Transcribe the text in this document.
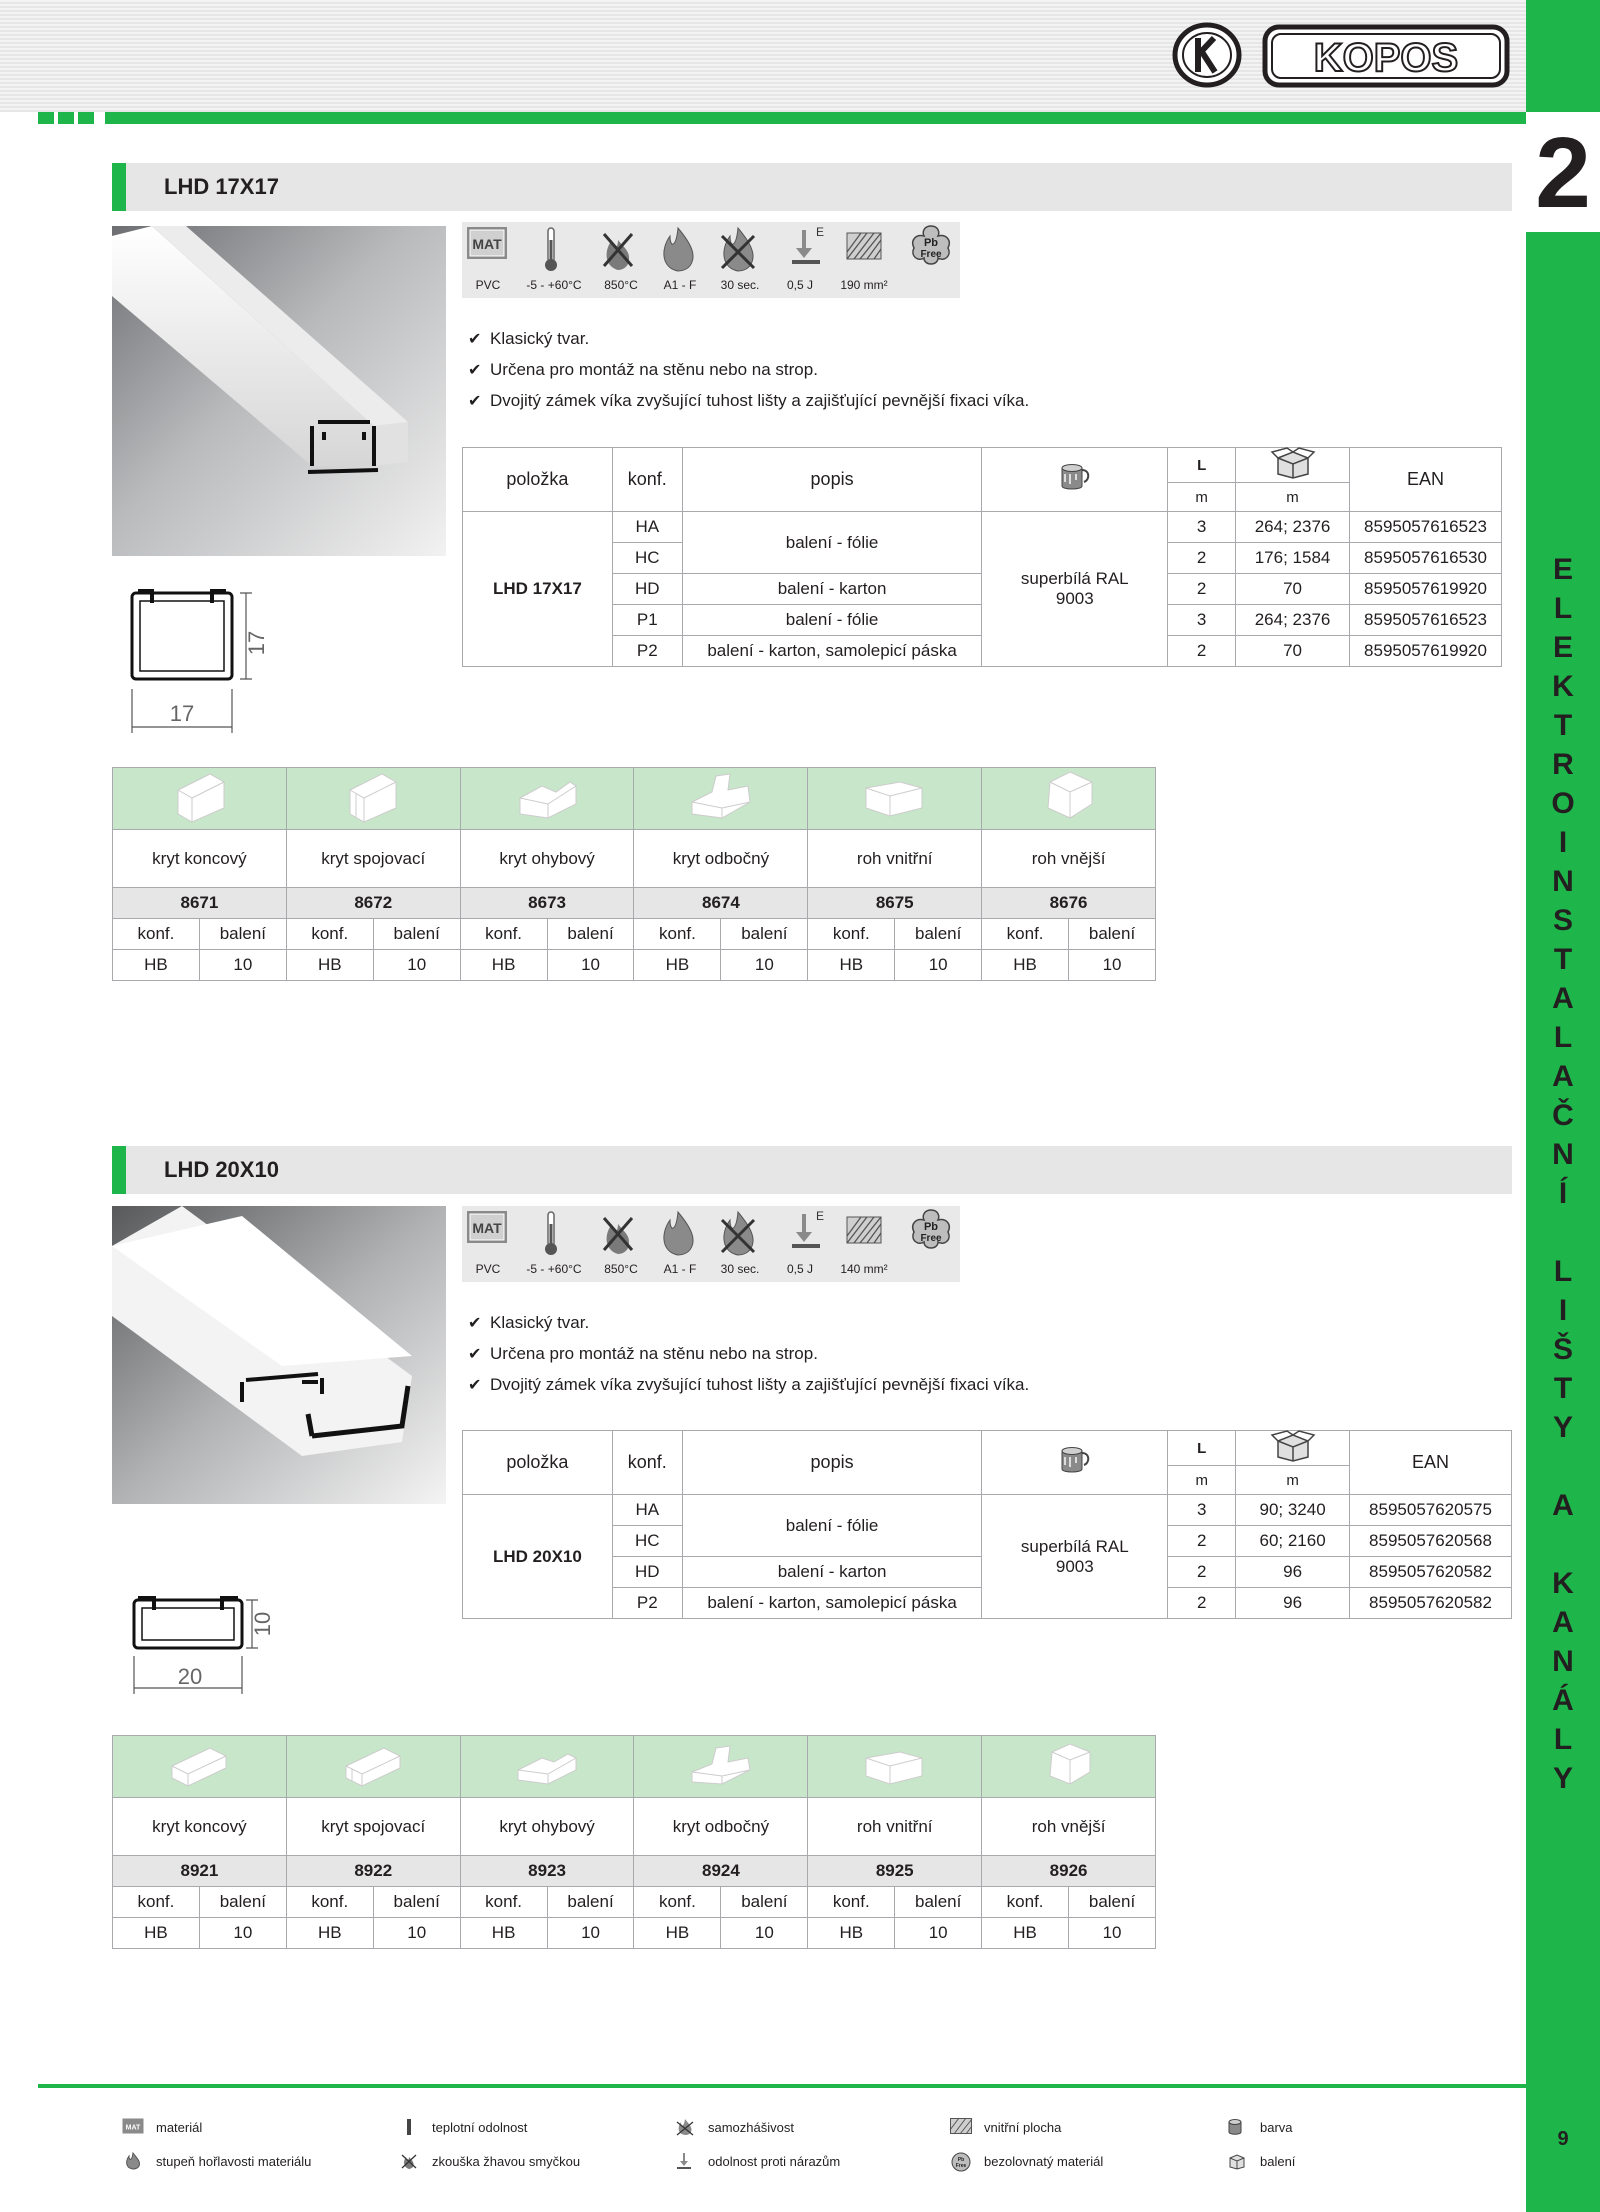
KOPOS
2
E
L
E
K
T
R
O
I
N
S
T
A
L
A
Č
N
Í
L
I
Š
T
Y
A
K
A
N
Á
L
Y
9
LHD 17X17
17
17
MAT
E
Pb
Free
PVC -5 - +60°C 850°C A1 - F 30 sec. 0,5 J 190 mm²
✔ Klasický tvar.
✔ Určena pro montáž na stěnu nebo na strop.
✔ Dvojitý zámek víka zvyšující tuhost lišty a zajišťující pevnější fixaci víka.
položka	konf.	popis		L		EAN
				m	m	
LHD 17X17	HA	balení - fólie	superbílá RAL 9003	3	264; 2376	8595057616523
	HC			2	176; 1584	8595057616530
	HD	balení - karton		2	70	8595057619920
	P1	balení - fólie		3	264; 2376	8595057616523
	P2	balení - karton, samolepicí páska		2	70	8595057619920

kryt koncový		kryt spojovací		kryt ohybový		kryt odbočný		roh vnitřní		roh vnější	
8671		8672		8673		8674		8675		8676	
konf.	balení	konf.	balení	konf.	balení	konf.	balení	konf.	balení	konf.	balení
HB	10	HB	10	HB	10	HB	10	HB	10	HB	10
LHD 20X10
10
20
MAT
E
Pb
Free
PVC -5 - +60°C 850°C A1 - F 30 sec. 0,5 J 140 mm²
✔ Klasický tvar.
✔ Určena pro montáž na stěnu nebo na strop.
✔ Dvojitý zámek víka zvyšující tuhost lišty a zajišťující pevnější fixaci víka.
položka	konf.	popis		L		EAN
				m	m	
LHD 20X10	HA	balení - fólie	superbílá RAL 9003	3	90; 3240	8595057620575
	HC			2	60; 2160	8595057620568
	HD	balení - karton		2	96	8595057620582
	P2	balení - karton, samolepicí páska		2	96	8595057620582

kryt koncový		kryt spojovací		kryt ohybový		kryt odbočný		roh vnitřní		roh vnější	
8921		8922		8923		8924		8925		8926	
konf.	balení	konf.	balení	konf.	balení	konf.	balení	konf.	balení	konf.	balení
HB	10	HB	10	HB	10	HB	10	HB	10	HB	10
MAT materiál	teplotní odolnost	samozhášivost	vnitřní plocha	barva
stupeň hořlavosti materiálu	zkouška žhavou smyčkou	odolnost proti nárazům	Pb
Free bezolovnatý materiál	balení
